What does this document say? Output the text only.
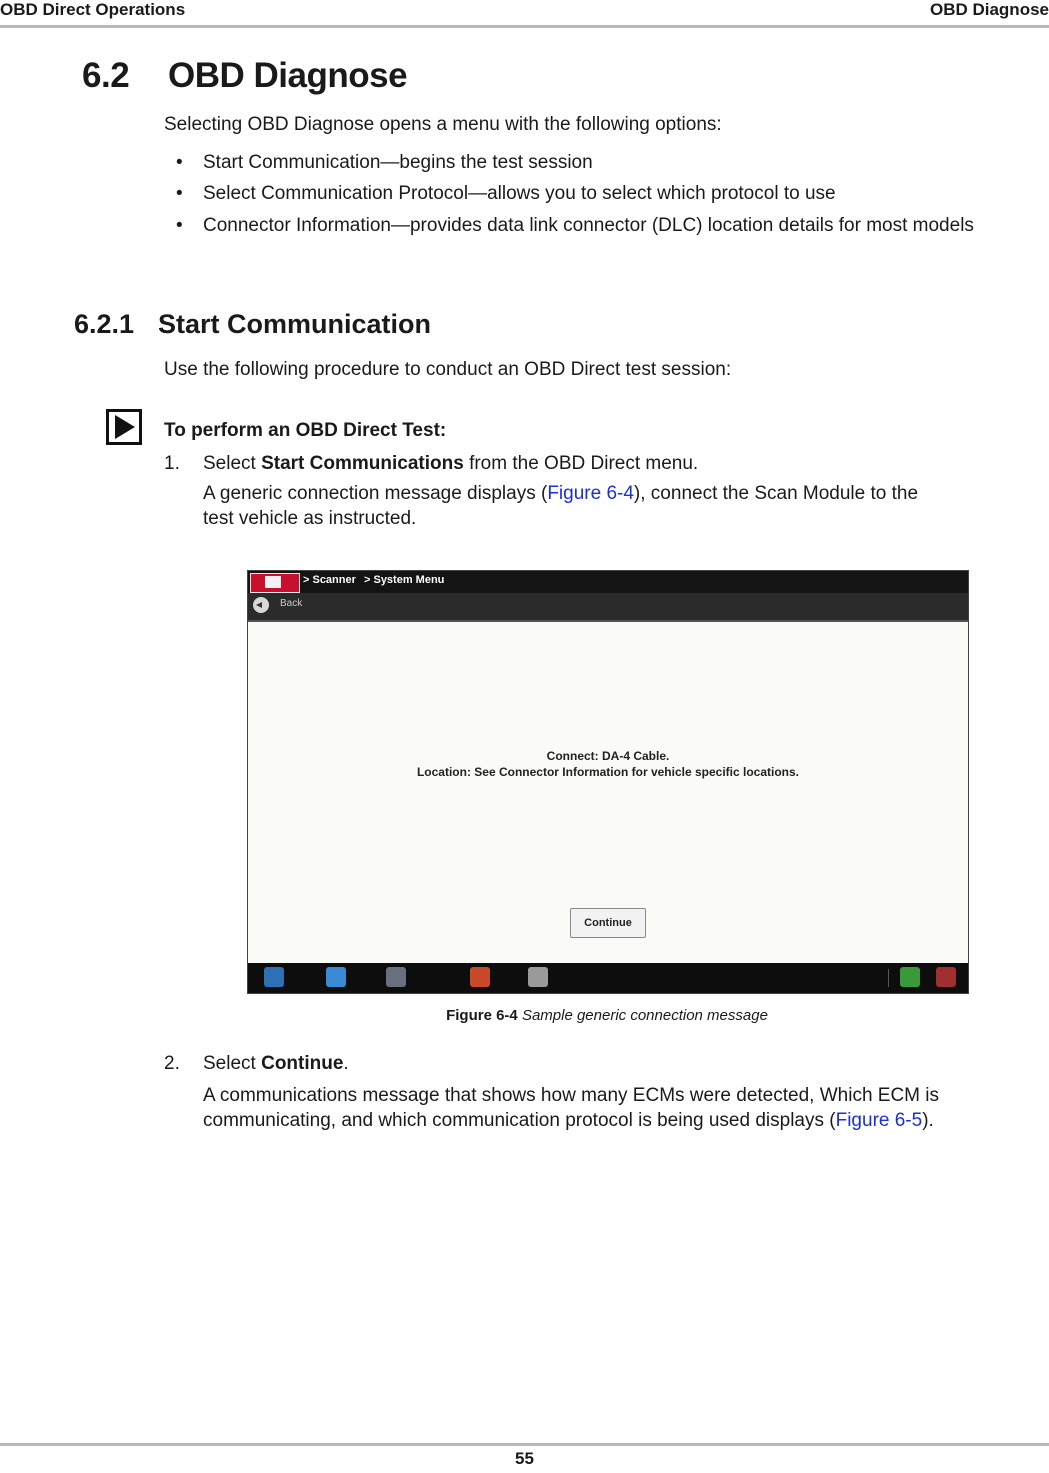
OBD Direct Operations	OBD Diagnose
6.2 OBD Diagnose
Selecting OBD Diagnose opens a menu with the following options:
• Start Communication—begins the test session
• Select Communication Protocol—allows you to select which protocol to use
• Connector Information—provides data link connector (DLC) location details for most models
6.2.1 Start Communication
Use the following procedure to conduct an OBD Direct test session:
To perform an OBD Direct Test:
1. Select Start Communications from the OBD Direct menu.
A generic connection message displays (Figure 6-4), connect the Scan Module to the
test vehicle as instructed.
> Scanner > System Menu
Back
Connect: DA-4 Cable.
Location: See Connector Information for vehicle specific locations.
Continue
Figure 6-4 Sample generic connection message
2. Select Continue.
A communications message that shows how many ECMs were detected, Which ECM is
communicating, and which communication protocol is being used displays (Figure 6-5).
55
